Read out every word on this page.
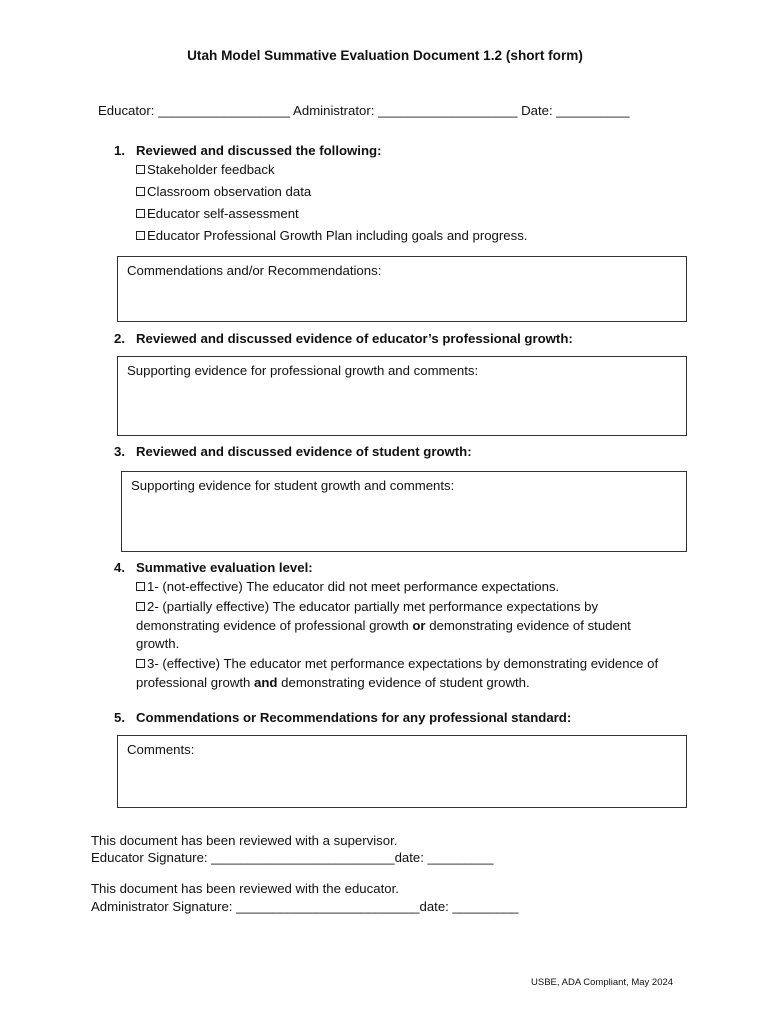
Utah Model Summative Evaluation Document 1.2 (short form)
Educator: __________________ Administrator: ___________________ Date: __________
1. Reviewed and discussed the following:
Stakeholder feedback
Classroom observation data
Educator self-assessment
Educator Professional Growth Plan including goals and progress.
Commendations and/or Recommendations:
2. Reviewed and discussed evidence of educator’s professional growth:
Supporting evidence for professional growth and comments:
3. Reviewed and discussed evidence of student growth:
Supporting evidence for student growth and comments:
4. Summative evaluation level:
1- (not-effective) The educator did not meet performance expectations.
2- (partially effective) The educator partially met performance expectations by demonstrating evidence of professional growth or demonstrating evidence of student growth.
3- (effective) The educator met performance expectations by demonstrating evidence of professional growth and demonstrating evidence of student growth.
5. Commendations or Recommendations for any professional standard:
Comments:
This document has been reviewed with a supervisor.
Educator Signature: _________________________date: _________
This document has been reviewed with the educator.
Administrator Signature: _________________________date: _________
USBE, ADA Compliant, May 2024
